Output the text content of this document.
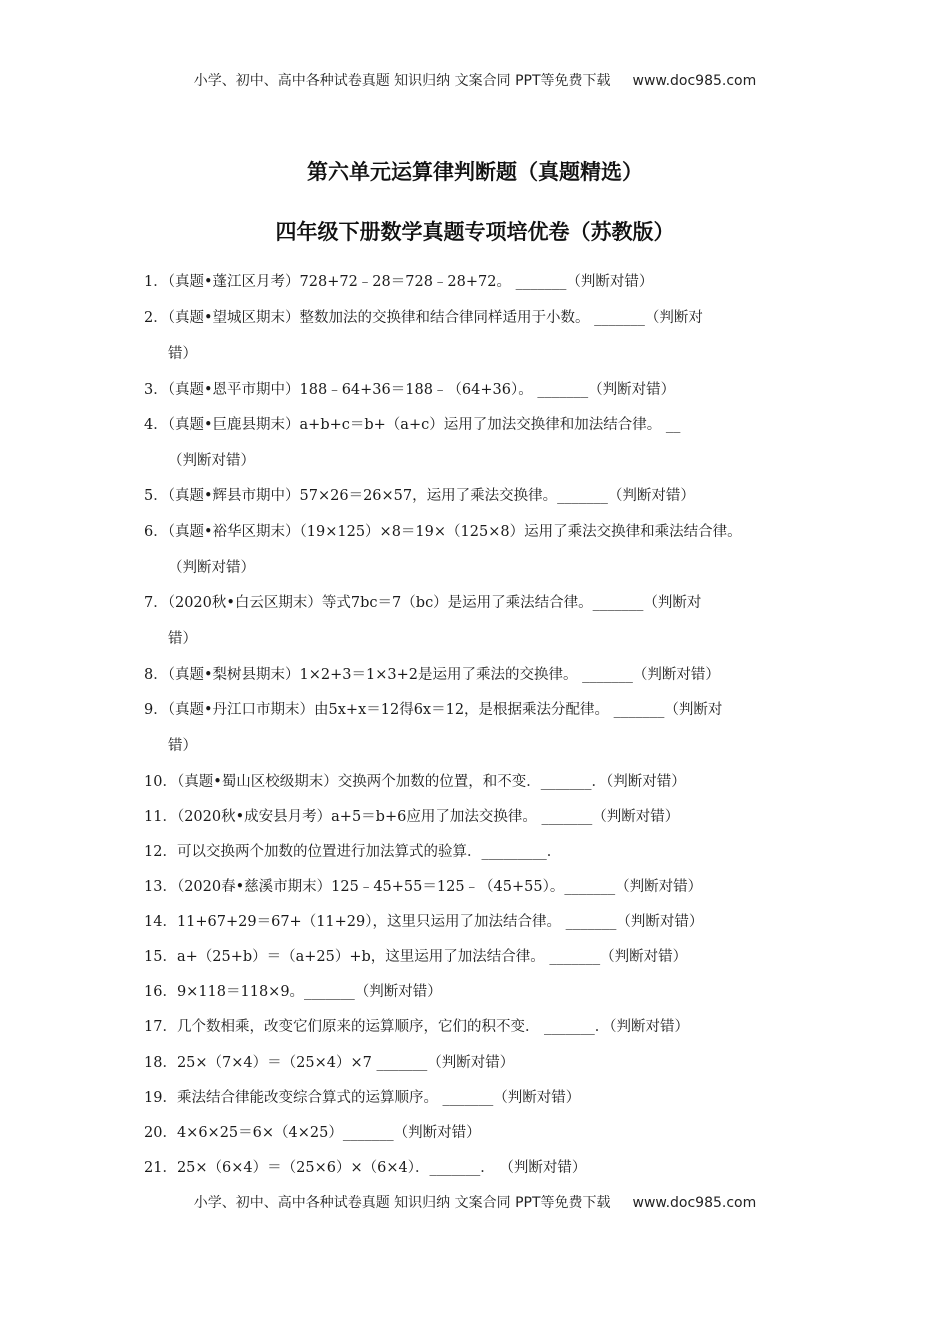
小学、初中、高中各种试卷真题 知识归纳 文案合同 PPT等免费下载 www.doc985.com
第六单元运算律判断题（真题精选）
四年级下册数学真题专项培优卷（苏教版）
1．（真题•蓬江区月考）728+72﹣28＝728﹣28+72。 _______（判断对错）
2．（真题•望城区期末）整数加法的交换律和结合律同样适用于小数。 _______（判断对
错）
3．（真题•恩平市期中）188﹣64+36＝188﹣（64+36）。 _______（判断对错）
4．（真题•巨鹿县期末）a+b+c＝b+（a+c）运用了加法交换律和加法结合律。 __
（判断对错）
5．（真题•辉县市期中）57×26＝26×57，运用了乘法交换律。_______（判断对错）
6．（真题•裕华区期末）（19×125）×8＝19×（125×8）运用了乘法交换律和乘法结合律。
（判断对错）
7．（2020秋•白云区期末）等式7bc＝7（bc）是运用了乘法结合律。_______（判断对
错）
8．（真题•梨树县期末）1×2+3＝1×3+2是运用了乘法的交换律。 _______（判断对错）
9．（真题•丹江口市期末）由5x+x＝12得6x＝12，是根据乘法分配律。 _______（判断对
错）
10．（真题•蜀山区校级期末）交换两个加数的位置，和不变．_______．（判断对错）
11．（2020秋•成安县月考）a+5＝b+6应用了加法交换律。 _______（判断对错）
12．可以交换两个加数的位置进行加法算式的验算．_________．
13．（2020春•慈溪市期末）125﹣45+55＝125﹣（45+55）。_______（判断对错）
14．11+67+29＝67+（11+29），这里只运用了加法结合律。 _______（判断对错）
15．a+（25+b）＝（a+25）+b，这里运用了加法结合律。 _______（判断对错）
16．9×118＝118×9。_______（判断对错）
17．几个数相乘，改变它们原来的运算顺序，它们的积不变． _______．（判断对错）
18．25×（7×4）＝（25×4）×7 _______（判断对错）
19．乘法结合律能改变综合算式的运算顺序。 _______（判断对错）
20．4×6×25＝6×（4×25）_______（判断对错）
21．25×（6×4）＝（25×6）×（6×4）．_______． （判断对错）
小学、初中、高中各种试卷真题 知识归纳 文案合同 PPT等免费下载 www.doc985.com
